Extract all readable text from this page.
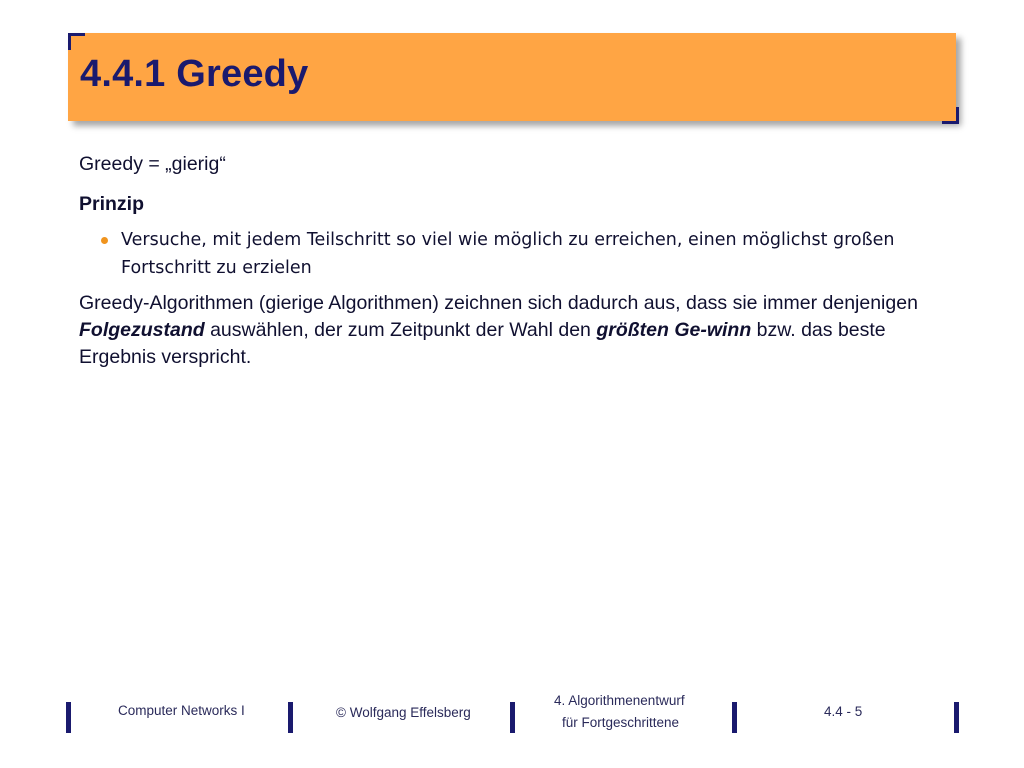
4.4.1 Greedy

Greedy = „gierig“

Prinzip

Versuche, mit jedem Teilschritt so viel wie möglich zu erreichen, einen möglichst großen Fortschritt zu erzielen

Greedy-Algorithmen (gierige Algorithmen) zeichnen sich dadurch aus, dass sie immer denjenigen Folgezustand auswählen, der zum Zeitpunkt der Wahl den größten Ge-winn bzw. das beste Ergebnis verspricht.

Computer Networks I	© Wolfgang Effelsberg
4. Algorithmenentwurf
für Fortgeschrittene
4.4 - 5
